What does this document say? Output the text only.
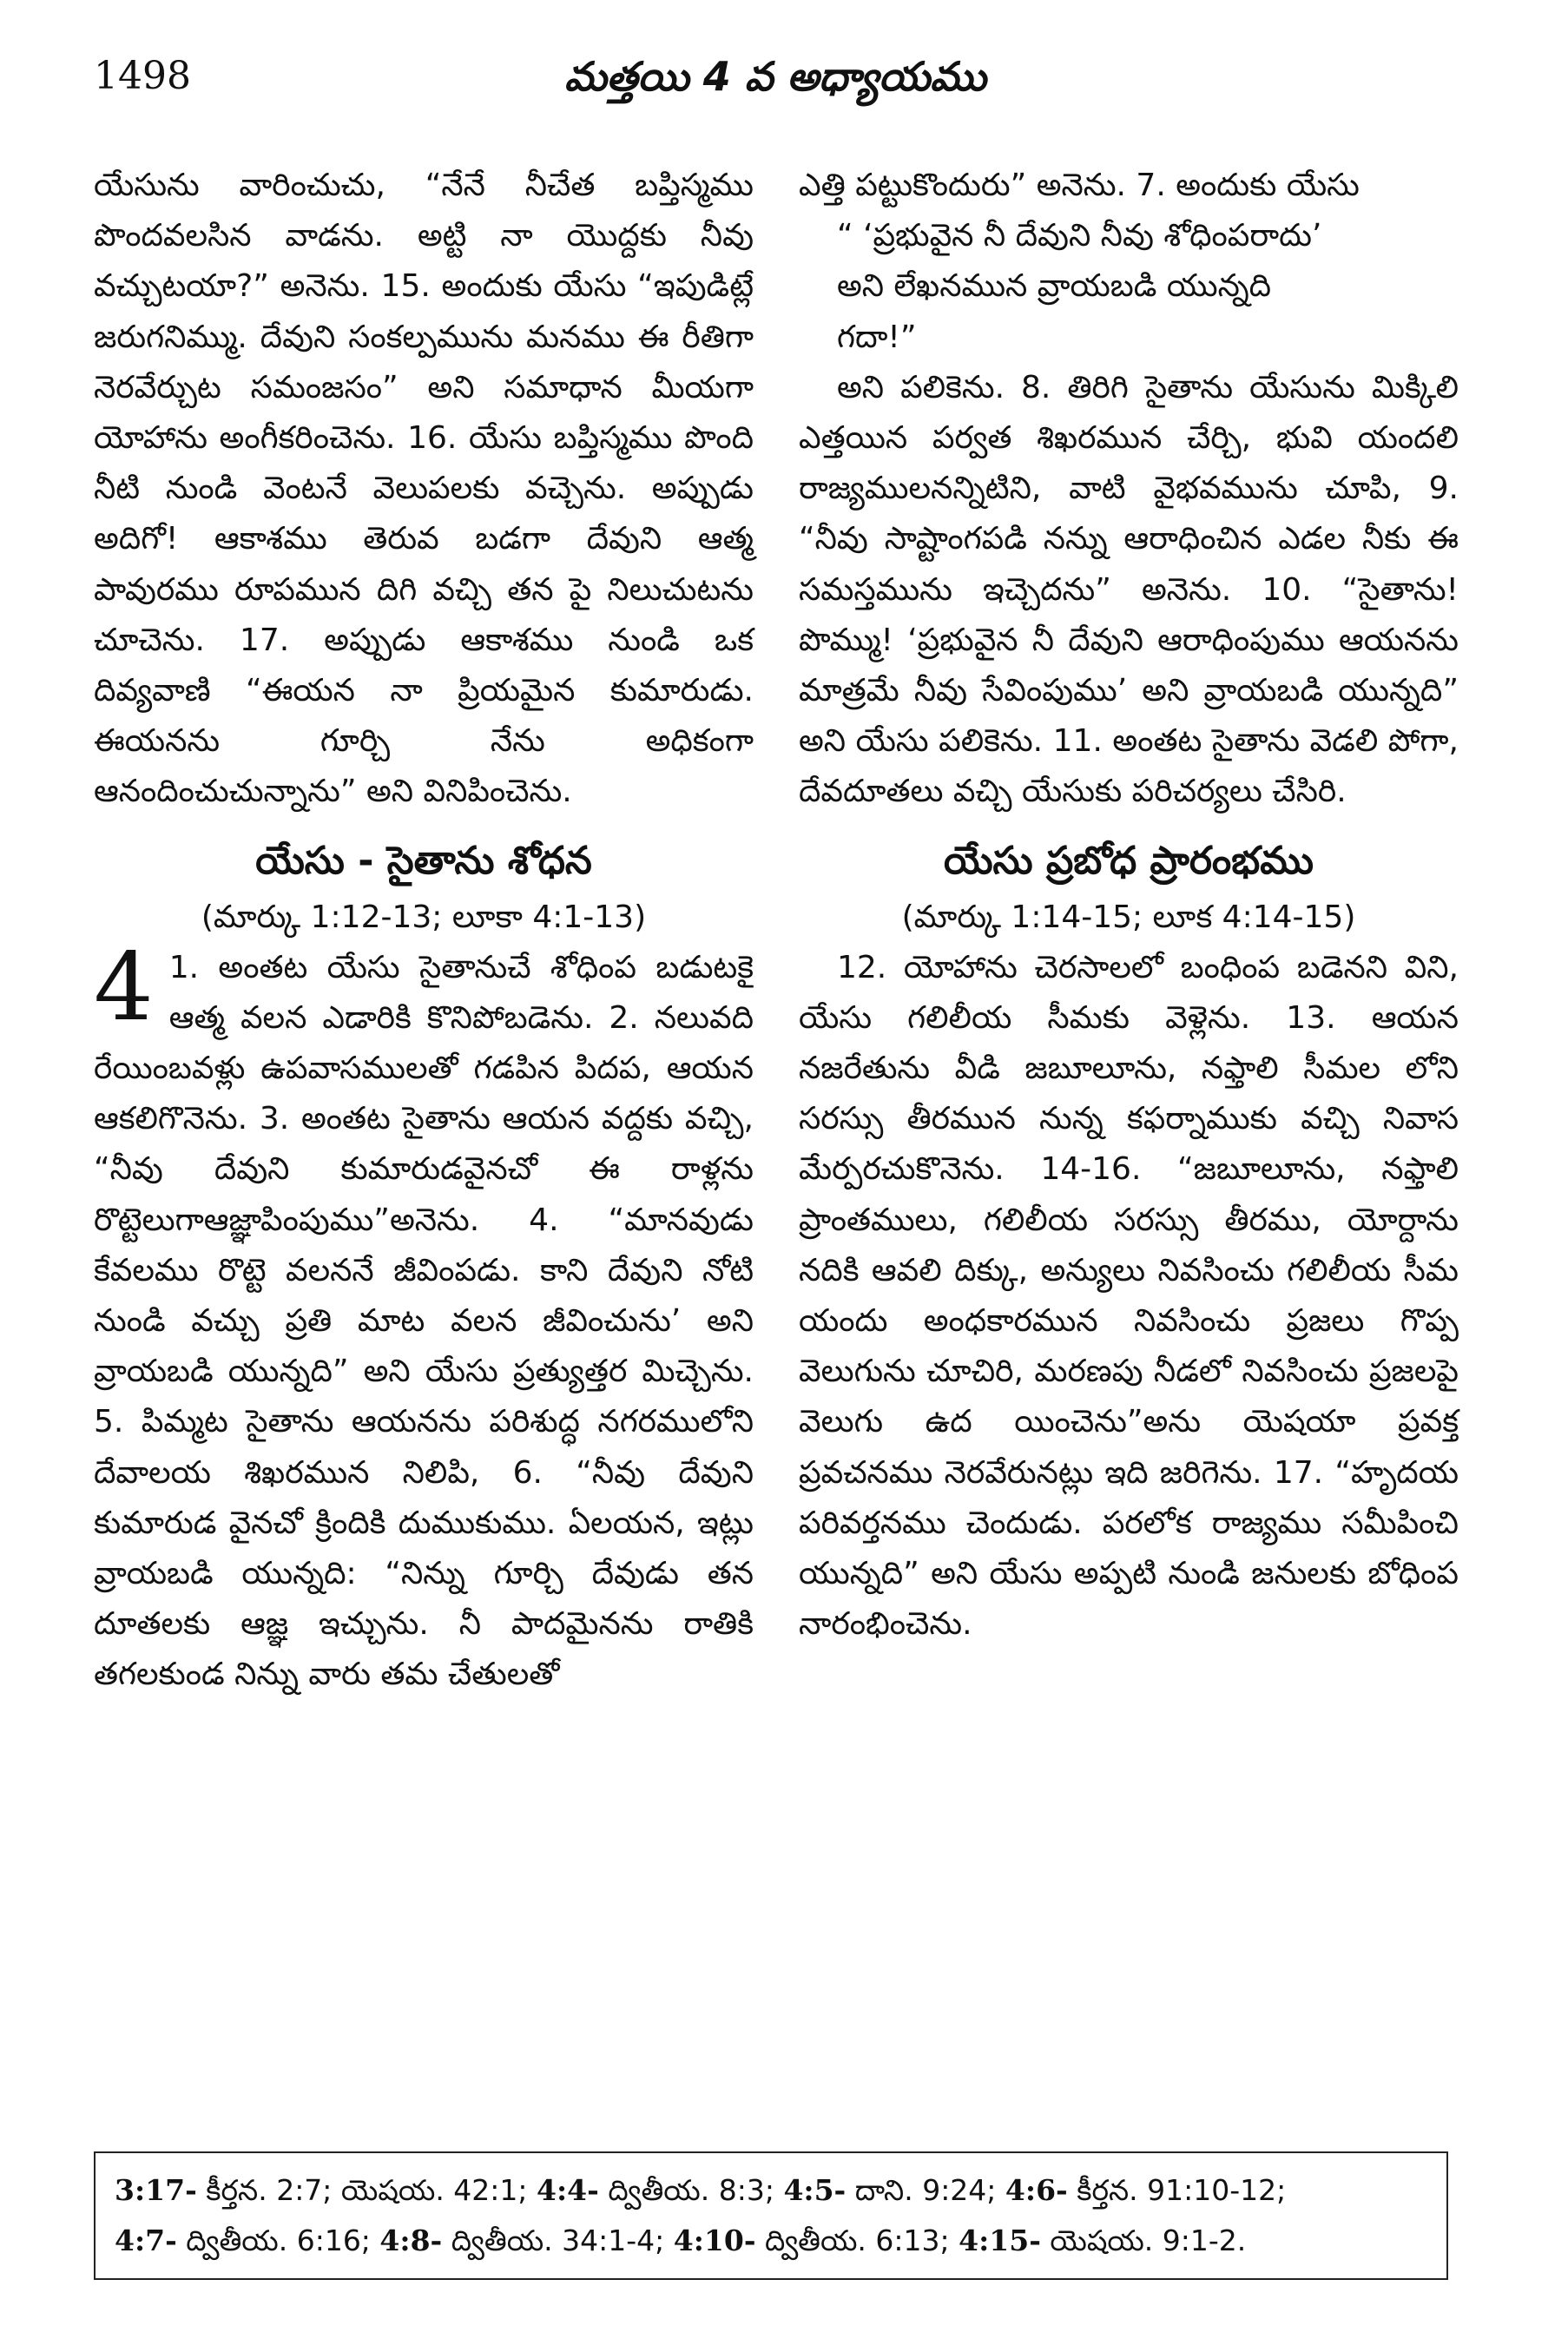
1498	మత్తయి 4 వ అధ్యాయము

యేసును వారించుచు, “నేనే నీచేత బప్తిస్మము పొందవలసిన వాడను. అట్టి నా యొద్దకు నీవు వచ్చుటయా?” అనెను. 15. అందుకు యేసు “ఇపుడిట్లే జరుగనిమ్ము. దేవుని సంకల్పమును మనము ఈ రీతిగా నెరవేర్చుట సమంజసం” అని సమాధాన మీయగా యోహాను అంగీకరించెను. 16. యేసు బప్తిస్మము పొంది నీటి నుండి వెంటనే వెలుపలకు వచ్చెను. అప్పుడు అదిగో! ఆకాశము తెరువ బడగా దేవుని ఆత్మ పావురము రూపమున దిగి వచ్చి తన పై నిలుచుటను చూచెను. 17. అప్పుడు ఆకాశము నుండి ఒక దివ్యవాణి “ఈయన నా ప్రియమైన కుమారుడు. ఈయనను గూర్చి నేను అధికంగా ఆనందించుచున్నాను” అని వినిపించెను.

యేసు - సైతాను శోధన

(మార్కు 1:12-13; లూకా 4:1-13)

4 1. అంతట యేసు సైతానుచే శోధింప బడుటకై ఆత్మ వలన ఎడారికి కొనిపోబడెను. 2. నలువది రేయింబవళ్లు ఉపవాసములతో గడపిన పిదప, ఆయన ఆకలిగొనెను. 3. అంతట సైతాను ఆయన వద్దకు వచ్చి, “నీవు దేవుని కుమారుడవైనచో ఈ రాళ్లను రొట్టెలుగాఆజ్ఞాపింపుము”అనెను. 4. “మానవుడు కేవలము రొట్టె వలననే జీవింపడు. కాని దేవుని నోటి నుండి వచ్చు ప్రతి మాట వలన జీవించును’ అని వ్రాయబడి యున్నది” అని యేసు ప్రత్యుత్తర మిచ్చెను. 5. పిమ్మట సైతాను ఆయనను పరిశుద్ధ నగరములోని దేవాలయ శిఖరమున నిలిపి, 6. “నీవు దేవుని కుమారుడ వైనచో క్రిందికి దుముకుము. ఏలయన, ఇట్లు వ్రాయబడి యున్నది: “నిన్ను గూర్చి దేవుడు తన దూతలకు ఆజ్ఞ ఇచ్చును. నీ పాదమైనను రాతికి తగలకుండ నిన్ను వారు తమ చేతులతో

ఎత్తి పట్టుకొందురు” అనెను. 7. అందుకు యేసు

“ ‘ప్రభువైన నీ దేవుని నీవు శోధింపరాదు’

అని లేఖనమున వ్రాయబడి యున్నది

గదా!”

అని పలికెను. 8. తిరిగి సైతాను యేసును మిక్కిలి ఎత్తయిన పర్వత శిఖరమున చేర్చి, భువి యందలి రాజ్యములనన్నిటిని, వాటి వైభవమును చూపి, 9. “నీవు సాష్టాంగపడి నన్ను ఆరాధించిన ఎడల నీకు ఈ సమస్తమును ఇచ్చెదను” అనెను. 10. “సైతాను! పొమ్ము! ‘ప్రభువైన నీ దేవుని ఆరాధింపుము ఆయనను మాత్రమే నీవు సేవింపుము’ అని వ్రాయబడి యున్నది” అని యేసు పలికెను. 11. అంతట సైతాను వెడలి పోగా, దేవదూతలు వచ్చి యేసుకు పరిచర్యలు చేసిరి.

యేసు ప్రబోధ ప్రారంభము

(మార్కు 1:14-15; లూక 4:14-15)

12. యోహాను చెరసాలలో బంధింప బడెనని విని, యేసు గలిలీయ సీమకు వెళ్లెను. 13. ఆయన నజరేతును వీడి జబూలూను, నఫ్తాలి సీమల లోని సరస్సు తీరమున నున్న కఫర్నాముకు వచ్చి నివాస మేర్పరచుకొనెను. 14-16. “జబూలూను, నఫ్తాలి ప్రాంతములు, గలిలీయ సరస్సు తీరము, యోర్దాను నదికి ఆవలి దిక్కు, అన్యులు నివసించు గలిలీయ సీమ యందు అంధకారమున నివసించు ప్రజలు గొప్ప వెలుగును చూచిరి, మరణపు నీడలో నివసించు ప్రజలపై వెలుగు ఉద యించెను”అను యెషయా ప్రవక్త ప్రవచనము నెరవేరునట్లు ఇది జరిగెను. 17. “హృదయ పరివర్తనము చెందుడు. పరలోక రాజ్యము సమీపించి యున్నది” అని యేసు అప్పటి నుండి జనులకు బోధింప నారంభించెను.

3:17- కీర్తన. 2:7; యెషయ. 42:1; 4:4- ద్వితీయ. 8:3; 4:5- దాని. 9:24; 4:6- కీర్తన. 91:10-12;

4:7- ద్వితీయ. 6:16; 4:8- ద్వితీయ. 34:1-4; 4:10- ద్వితీయ. 6:13; 4:15- యెషయ. 9:1-2.
